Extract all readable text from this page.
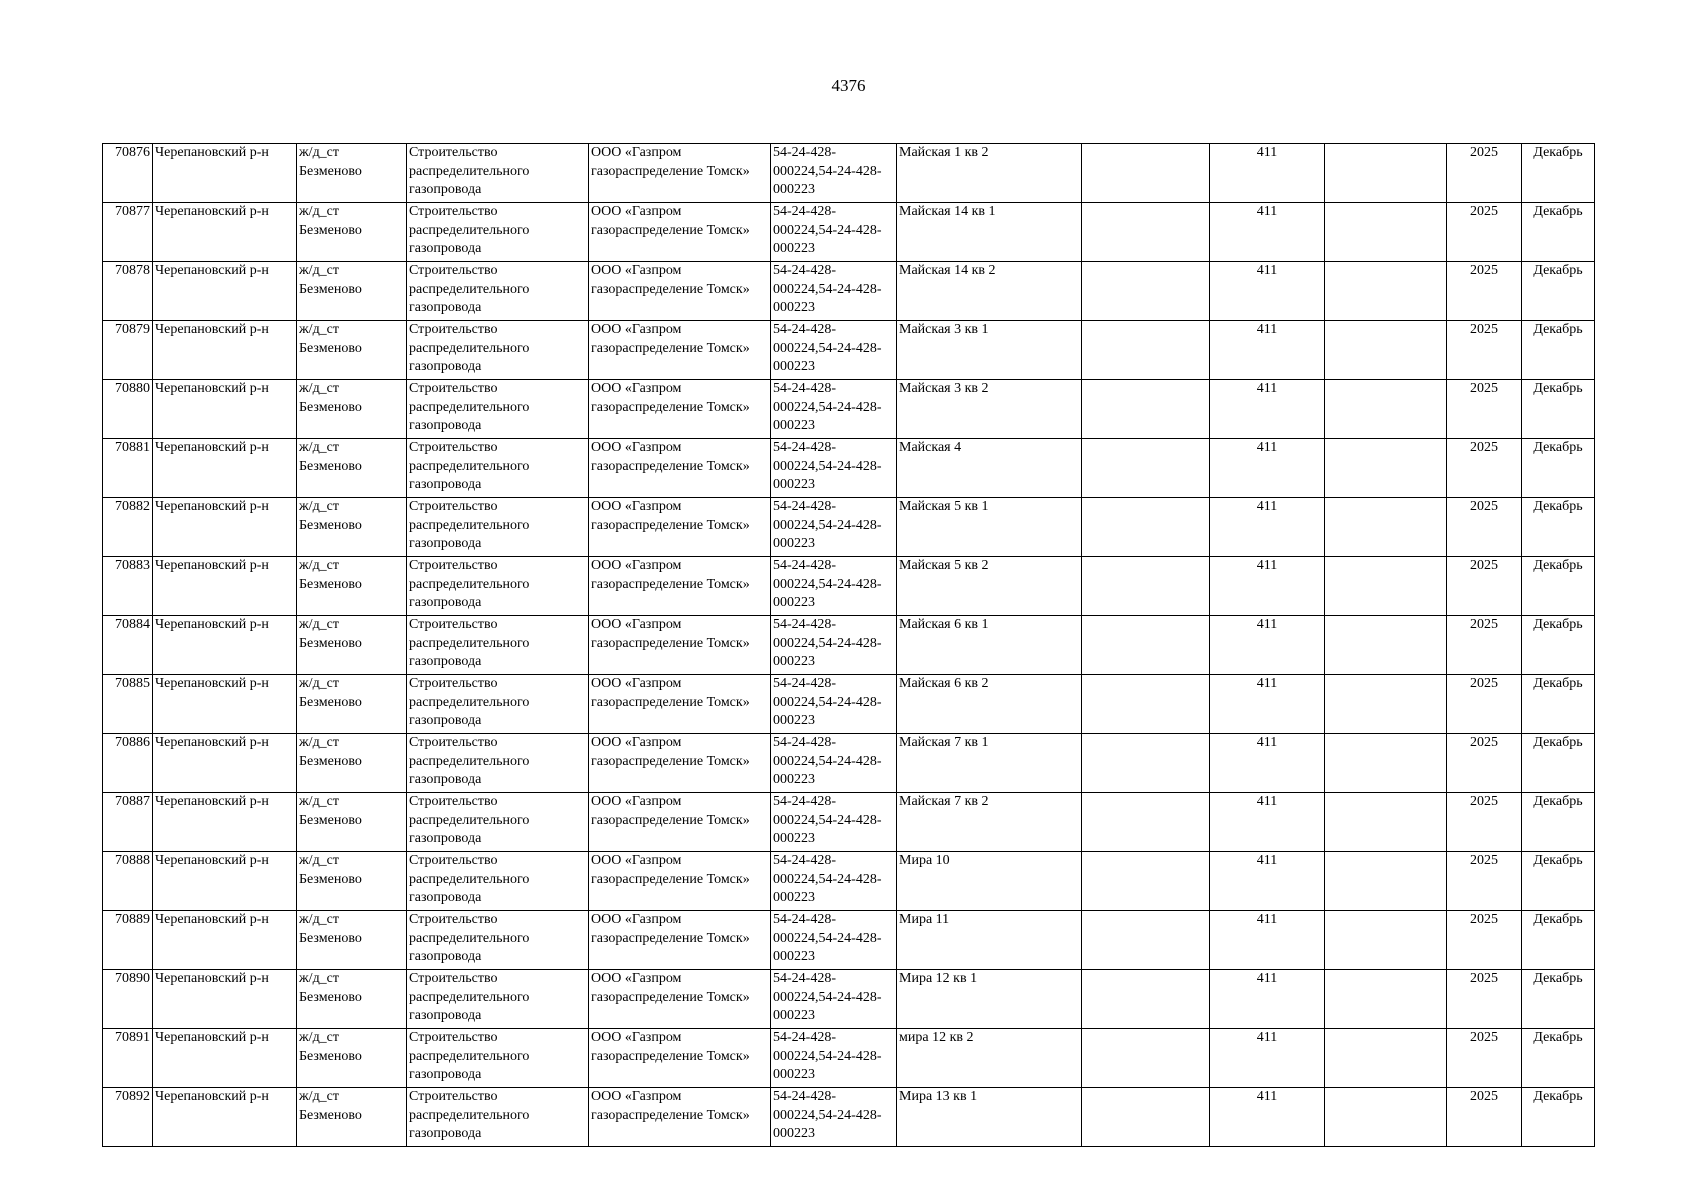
4376
70876	Черепановский р-н	ж/д_ст Безменово	Строительство распределительного газопровода	ООО «Газпром газораспределение Томск»	54-24-428-000224,54-24-428-000223	Майская 1 кв 2		411		2025	Декабрь
70877	Черепановский р-н	ж/д_ст Безменово	Строительство распределительного газопровода	ООО «Газпром газораспределение Томск»	54-24-428-000224,54-24-428-000223	Майская 14 кв 1		411		2025	Декабрь
70878	Черепановский р-н	ж/д_ст Безменово	Строительство распределительного газопровода	ООО «Газпром газораспределение Томск»	54-24-428-000224,54-24-428-000223	Майская 14 кв 2		411		2025	Декабрь
70879	Черепановский р-н	ж/д_ст Безменово	Строительство распределительного газопровода	ООО «Газпром газораспределение Томск»	54-24-428-000224,54-24-428-000223	Майская 3 кв 1		411		2025	Декабрь
70880	Черепановский р-н	ж/д_ст Безменово	Строительство распределительного газопровода	ООО «Газпром газораспределение Томск»	54-24-428-000224,54-24-428-000223	Майская 3 кв 2		411		2025	Декабрь
70881	Черепановский р-н	ж/д_ст Безменово	Строительство распределительного газопровода	ООО «Газпром газораспределение Томск»	54-24-428-000224,54-24-428-000223	Майская 4		411		2025	Декабрь
70882	Черепановский р-н	ж/д_ст Безменово	Строительство распределительного газопровода	ООО «Газпром газораспределение Томск»	54-24-428-000224,54-24-428-000223	Майская 5 кв 1		411		2025	Декабрь
70883	Черепановский р-н	ж/д_ст Безменово	Строительство распределительного газопровода	ООО «Газпром газораспределение Томск»	54-24-428-000224,54-24-428-000223	Майская 5 кв 2		411		2025	Декабрь
70884	Черепановский р-н	ж/д_ст Безменово	Строительство распределительного газопровода	ООО «Газпром газораспределение Томск»	54-24-428-000224,54-24-428-000223	Майская 6 кв 1		411		2025	Декабрь
70885	Черепановский р-н	ж/д_ст Безменово	Строительство распределительного газопровода	ООО «Газпром газораспределение Томск»	54-24-428-000224,54-24-428-000223	Майская 6 кв 2		411		2025	Декабрь
70886	Черепановский р-н	ж/д_ст Безменово	Строительство распределительного газопровода	ООО «Газпром газораспределение Томск»	54-24-428-000224,54-24-428-000223	Майская 7 кв 1		411		2025	Декабрь
70887	Черепановский р-н	ж/д_ст Безменово	Строительство распределительного газопровода	ООО «Газпром газораспределение Томск»	54-24-428-000224,54-24-428-000223	Майская 7 кв 2		411		2025	Декабрь
70888	Черепановский р-н	ж/д_ст Безменово	Строительство распределительного газопровода	ООО «Газпром газораспределение Томск»	54-24-428-000224,54-24-428-000223	Мира 10		411		2025	Декабрь
70889	Черепановский р-н	ж/д_ст Безменово	Строительство распределительного газопровода	ООО «Газпром газораспределение Томск»	54-24-428-000224,54-24-428-000223	Мира 11		411		2025	Декабрь
70890	Черепановский р-н	ж/д_ст Безменово	Строительство распределительного газопровода	ООО «Газпром газораспределение Томск»	54-24-428-000224,54-24-428-000223	Мира 12 кв 1		411		2025	Декабрь
70891	Черепановский р-н	ж/д_ст Безменово	Строительство распределительного газопровода	ООО «Газпром газораспределение Томск»	54-24-428-000224,54-24-428-000223	мира 12 кв 2		411		2025	Декабрь
70892	Черепановский р-н	ж/д_ст Безменово	Строительство распределительного газопровода	ООО «Газпром газораспределение Томск»	54-24-428-000224,54-24-428-000223	Мира 13 кв 1		411		2025	Декабрь
